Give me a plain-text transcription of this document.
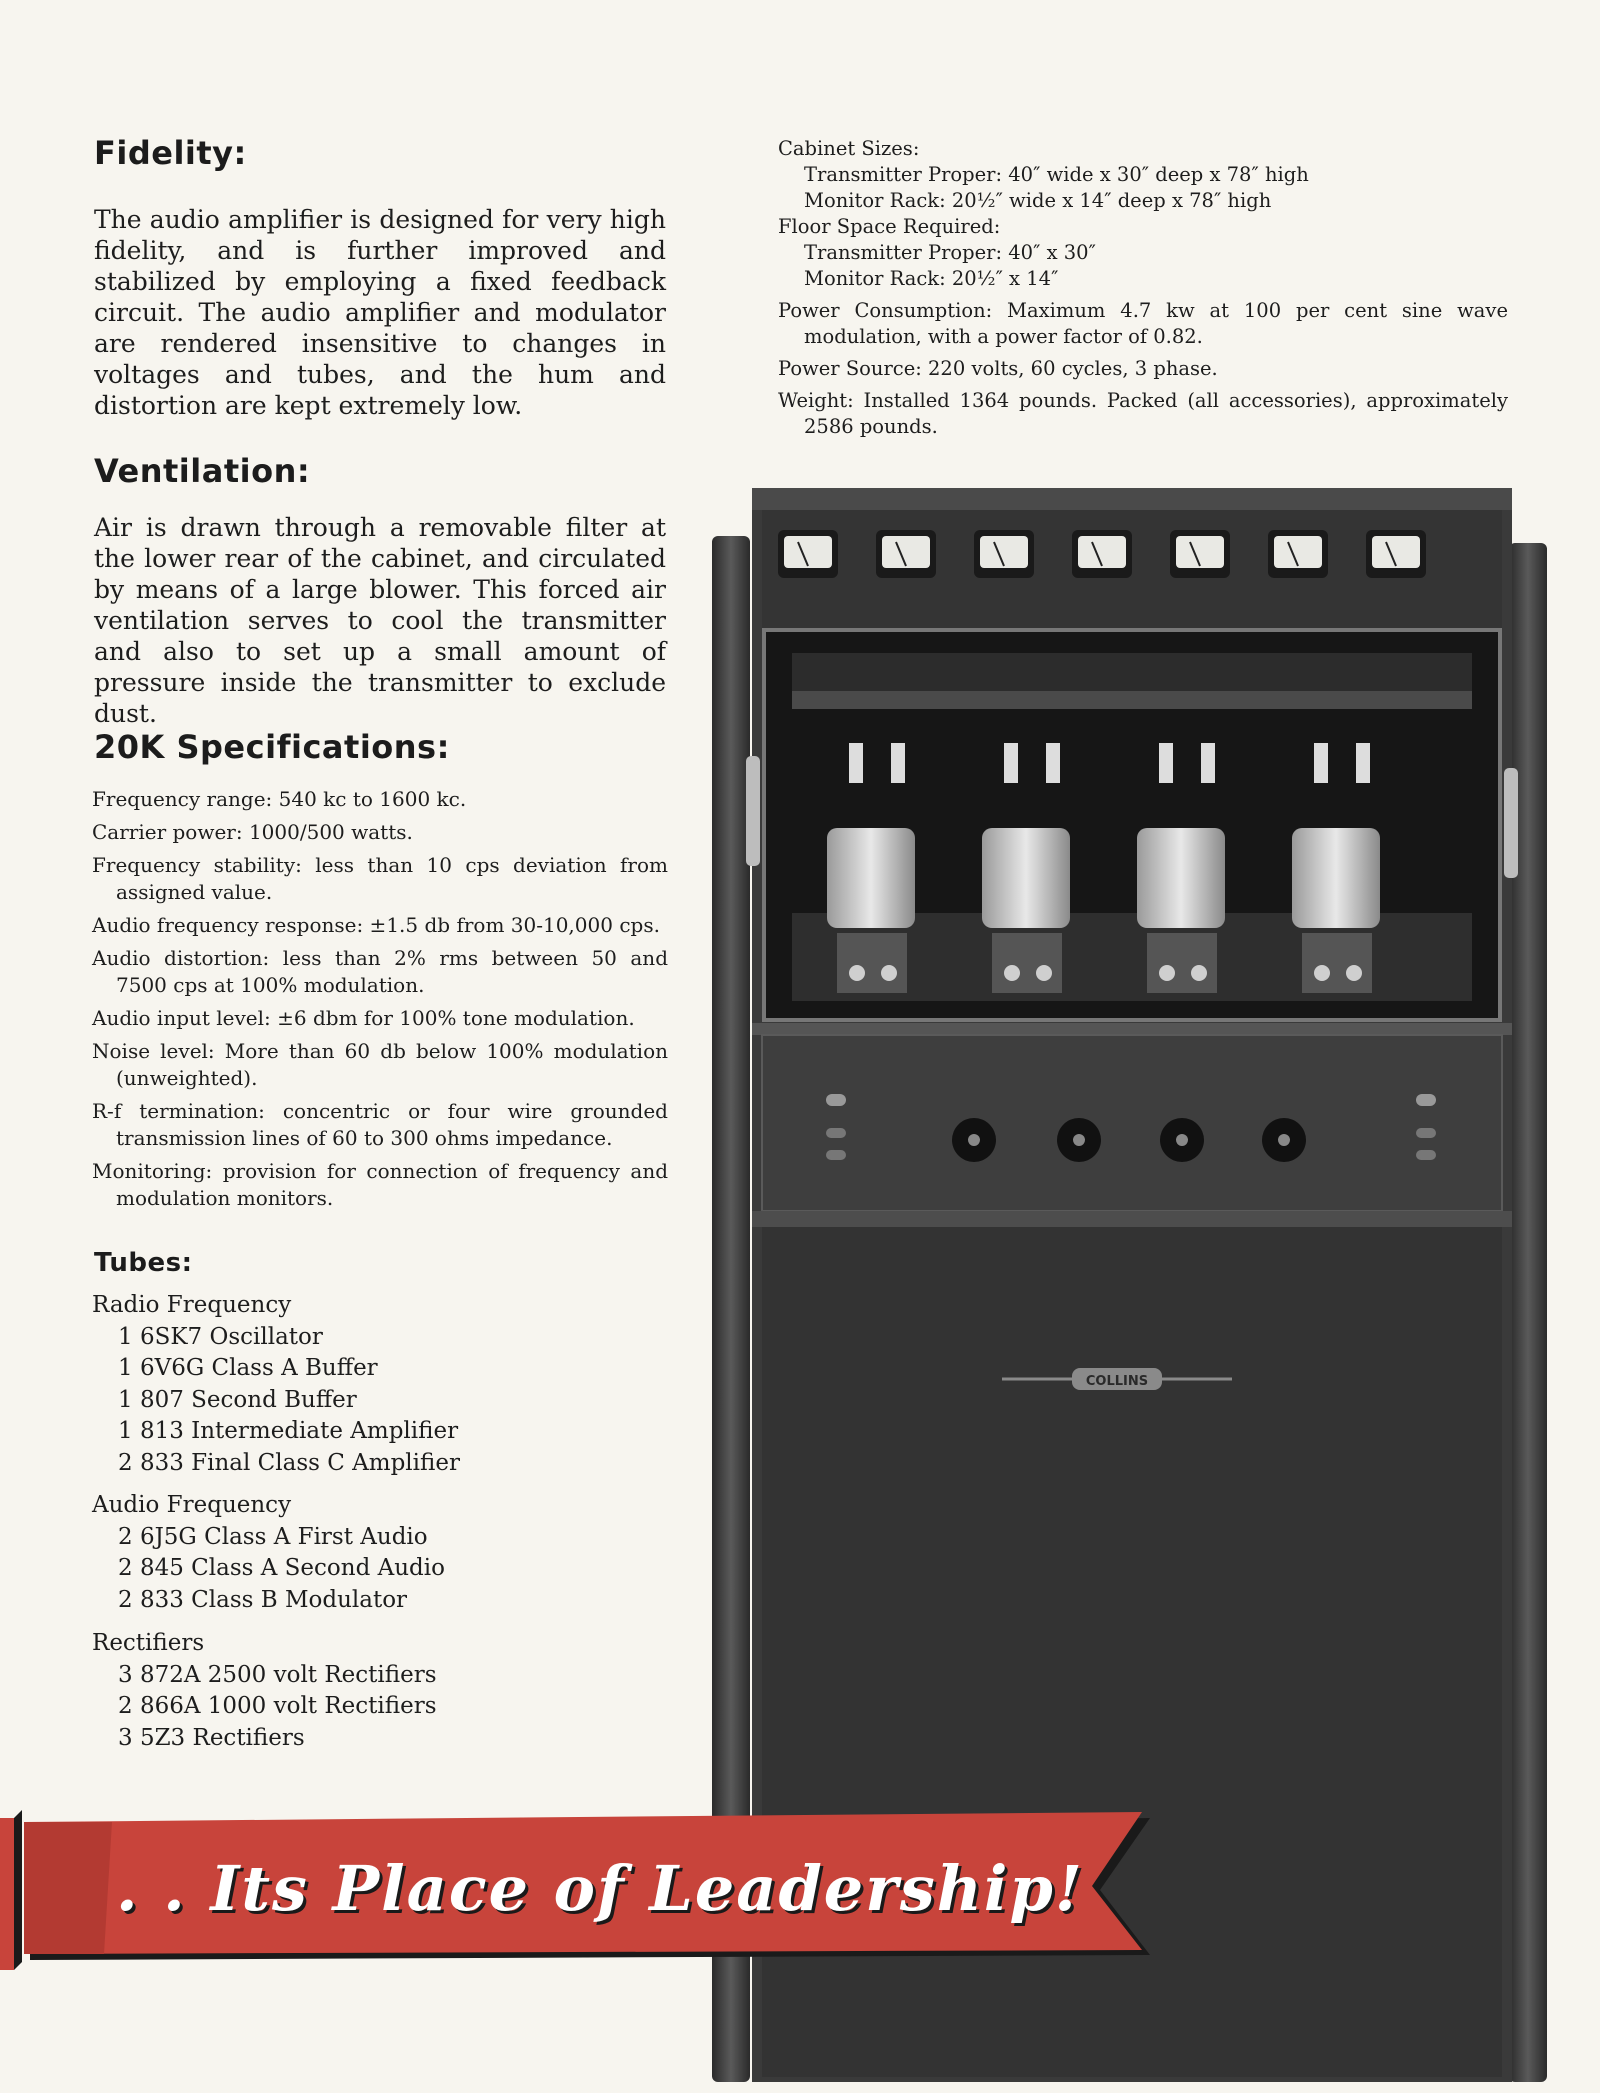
Fidelity:

The audio amplifier is designed for very high fidelity, and is further improved and stabilized by employing a fixed feedback circuit. The audio amplifier and modulator are rendered insensitive to changes in voltages and tubes, and the hum and distortion are kept extremely low.

Ventilation:

Air is drawn through a removable filter at the lower rear of the cabinet, and circulated by means of a large blower. This forced air ventilation serves to cool the transmitter and also to set up a small amount of pressure inside the transmitter to exclude dust.

20K Specifications:
Frequency range: 540 kc to 1600 kc.
Carrier power: 1000/500 watts.
Frequency stability: less than 10 cps deviation from assigned value.
Audio frequency response: ±1.5 db from 30-10,000 cps.
Audio distortion: less than 2% rms between 50 and 7500 cps at 100% modulation.
Audio input level: ±6 dbm for 100% tone modulation.
Noise level: More than 60 db below 100% modulation (unweighted).
R-f termination: concentric or four wire grounded transmission lines of 60 to 300 ohms impedance.
Monitoring: provision for connection of frequency and modulation monitors.
Tubes:
Radio Frequency
1 6SK7 Oscillator
1 6V6G Class A Buffer
1 807 Second Buffer
1 813 Intermediate Amplifier
2 833 Final Class C Amplifier
Audio Frequency
2 6J5G Class A First Audio
2 845 Class A Second Audio
2 833 Class B Modulator
Rectifiers
3 872A 2500 volt Rectifiers
2 866A 1000 volt Rectifiers
3 5Z3 Rectifiers
Cabinet Sizes:
Transmitter Proper: 40″ wide x 30″ deep x 78″ high
Monitor Rack: 20½″ wide x 14″ deep x 78″ high
Floor Space Required:
Transmitter Proper: 40″ x 30″
Monitor Rack: 20½″ x 14″
Power Consumption: Maximum 4.7 kw at 100 per cent sine wave modulation, with a power factor of 0.82.
Power Source: 220 volts, 60 cycles, 3 phase.
Weight: Installed 1364 pounds. Packed (all accessories), approximately 2586 pounds.
COLLINS
. . Its Place of Leadership!
